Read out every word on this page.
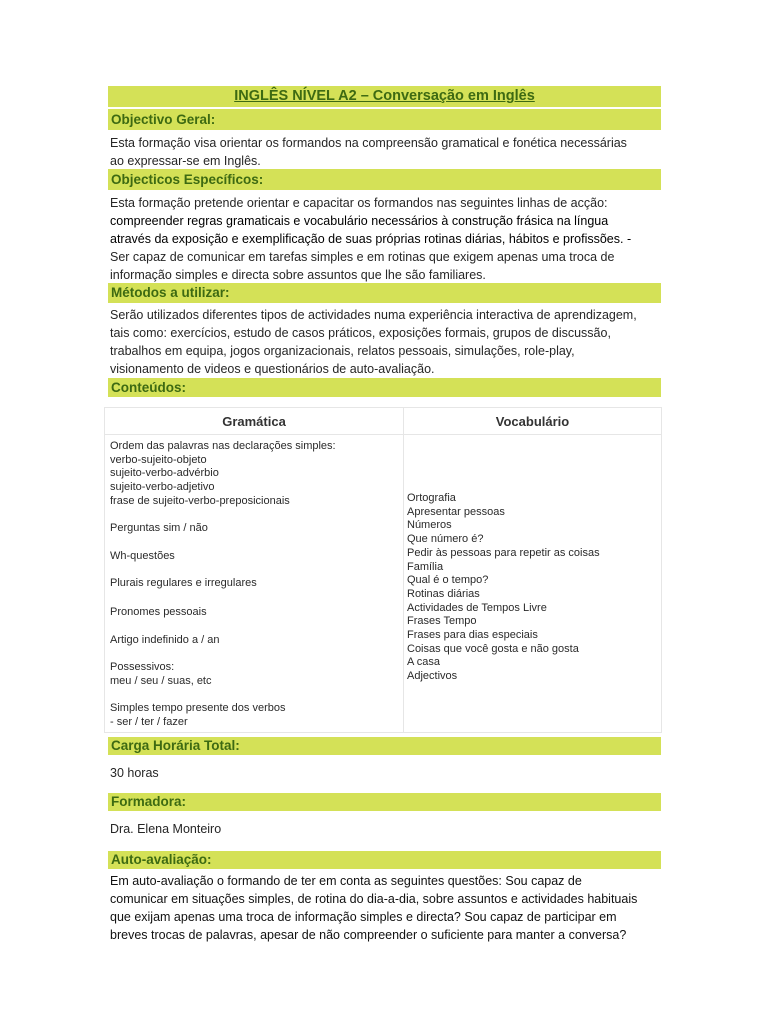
INGLÊS NÍVEL A2 – Conversação em Inglês
Objectivo Geral:
Esta formação visa orientar os formandos na compreensão gramatical e fonética necessárias
ao expressar-se em Inglês.
Objecticos Específicos:
Esta formação pretende orientar e capacitar os formandos nas seguintes linhas de acção:
compreender regras gramaticais e vocabulário necessários à construção frásica na língua
através da exposição e exemplificação de suas próprias rotinas diárias, hábitos e profissões. -
Ser capaz de comunicar em tarefas simples e em rotinas que exigem apenas uma troca de
informação simples e directa sobre assuntos que lhe são familiares.
Métodos a utilizar:
Serão utilizados diferentes tipos de actividades numa experiência interactiva de aprendizagem,
tais como: exercícios, estudo de casos práticos, exposições formais, grupos de discussão,
trabalhos em equipa, jogos organizacionais, relatos pessoais, simulações, role-play,
visionamento de videos e questionários de auto-avaliação.
Conteúdos:
Gramática	Vocabulário
Ordem das palavras nas declarações simples:
verbo-sujeito-objeto
sujeito-verbo-advérbio
sujeito-verbo-adjetivo
frase de sujeito-verbo-preposicionais
Perguntas sim / não
Wh-questões
Plurais regulares e irregulares
Pronomes pessoais
Artigo indefinido a / an
Possessivos:
meu / seu / suas, etc
Simples tempo presente dos verbos
- ser / ter / fazer
Ortografia
Apresentar pessoas
Números
Que número é?
Pedir às pessoas para repetir as coisas
Família
Qual é o tempo?
Rotinas diárias
Actividades de Tempos Livre
Frases Tempo
Frases para dias especiais
Coisas que você gosta e não gosta
A casa
Adjectivos
Carga Horária Total:
30 horas
Formadora:
Dra. Elena Monteiro
Auto-avaliação:
Em auto-avaliação o formando de ter em conta as seguintes questões: Sou capaz de
comunicar em situações simples, de rotina do dia-a-dia, sobre assuntos e actividades habituais
que exijam apenas uma troca de informação simples e directa? Sou capaz de participar em
breves trocas de palavras, apesar de não compreender o suficiente para manter a conversa?
